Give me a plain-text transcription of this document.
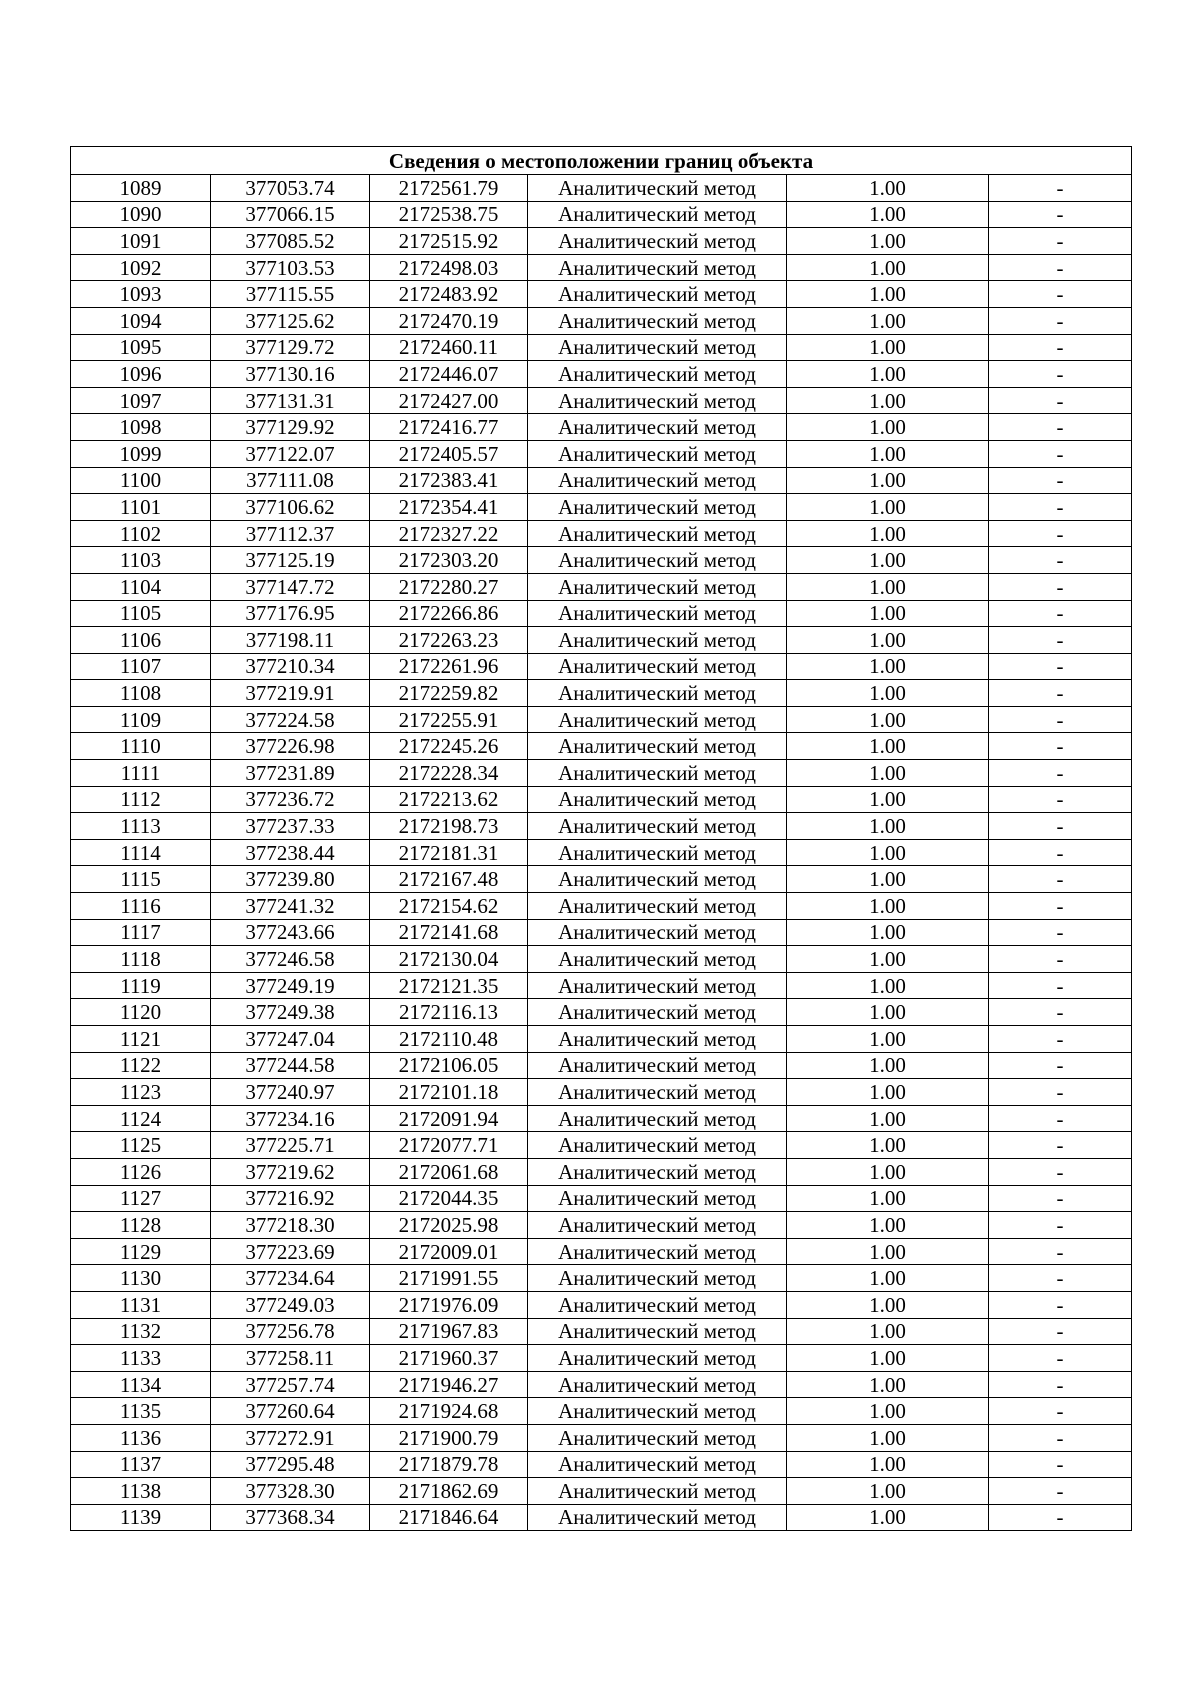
Сведения о местоположении границ объекта					
1089	377053.74	2172561.79	Аналитический метод	1.00	-
1090	377066.15	2172538.75	Аналитический метод	1.00	-
1091	377085.52	2172515.92	Аналитический метод	1.00	-
1092	377103.53	2172498.03	Аналитический метод	1.00	-
1093	377115.55	2172483.92	Аналитический метод	1.00	-
1094	377125.62	2172470.19	Аналитический метод	1.00	-
1095	377129.72	2172460.11	Аналитический метод	1.00	-
1096	377130.16	2172446.07	Аналитический метод	1.00	-
1097	377131.31	2172427.00	Аналитический метод	1.00	-
1098	377129.92	2172416.77	Аналитический метод	1.00	-
1099	377122.07	2172405.57	Аналитический метод	1.00	-
1100	377111.08	2172383.41	Аналитический метод	1.00	-
1101	377106.62	2172354.41	Аналитический метод	1.00	-
1102	377112.37	2172327.22	Аналитический метод	1.00	-
1103	377125.19	2172303.20	Аналитический метод	1.00	-
1104	377147.72	2172280.27	Аналитический метод	1.00	-
1105	377176.95	2172266.86	Аналитический метод	1.00	-
1106	377198.11	2172263.23	Аналитический метод	1.00	-
1107	377210.34	2172261.96	Аналитический метод	1.00	-
1108	377219.91	2172259.82	Аналитический метод	1.00	-
1109	377224.58	2172255.91	Аналитический метод	1.00	-
1110	377226.98	2172245.26	Аналитический метод	1.00	-
1111	377231.89	2172228.34	Аналитический метод	1.00	-
1112	377236.72	2172213.62	Аналитический метод	1.00	-
1113	377237.33	2172198.73	Аналитический метод	1.00	-
1114	377238.44	2172181.31	Аналитический метод	1.00	-
1115	377239.80	2172167.48	Аналитический метод	1.00	-
1116	377241.32	2172154.62	Аналитический метод	1.00	-
1117	377243.66	2172141.68	Аналитический метод	1.00	-
1118	377246.58	2172130.04	Аналитический метод	1.00	-
1119	377249.19	2172121.35	Аналитический метод	1.00	-
1120	377249.38	2172116.13	Аналитический метод	1.00	-
1121	377247.04	2172110.48	Аналитический метод	1.00	-
1122	377244.58	2172106.05	Аналитический метод	1.00	-
1123	377240.97	2172101.18	Аналитический метод	1.00	-
1124	377234.16	2172091.94	Аналитический метод	1.00	-
1125	377225.71	2172077.71	Аналитический метод	1.00	-
1126	377219.62	2172061.68	Аналитический метод	1.00	-
1127	377216.92	2172044.35	Аналитический метод	1.00	-
1128	377218.30	2172025.98	Аналитический метод	1.00	-
1129	377223.69	2172009.01	Аналитический метод	1.00	-
1130	377234.64	2171991.55	Аналитический метод	1.00	-
1131	377249.03	2171976.09	Аналитический метод	1.00	-
1132	377256.78	2171967.83	Аналитический метод	1.00	-
1133	377258.11	2171960.37	Аналитический метод	1.00	-
1134	377257.74	2171946.27	Аналитический метод	1.00	-
1135	377260.64	2171924.68	Аналитический метод	1.00	-
1136	377272.91	2171900.79	Аналитический метод	1.00	-
1137	377295.48	2171879.78	Аналитический метод	1.00	-
1138	377328.30	2171862.69	Аналитический метод	1.00	-
1139	377368.34	2171846.64	Аналитический метод	1.00	-
